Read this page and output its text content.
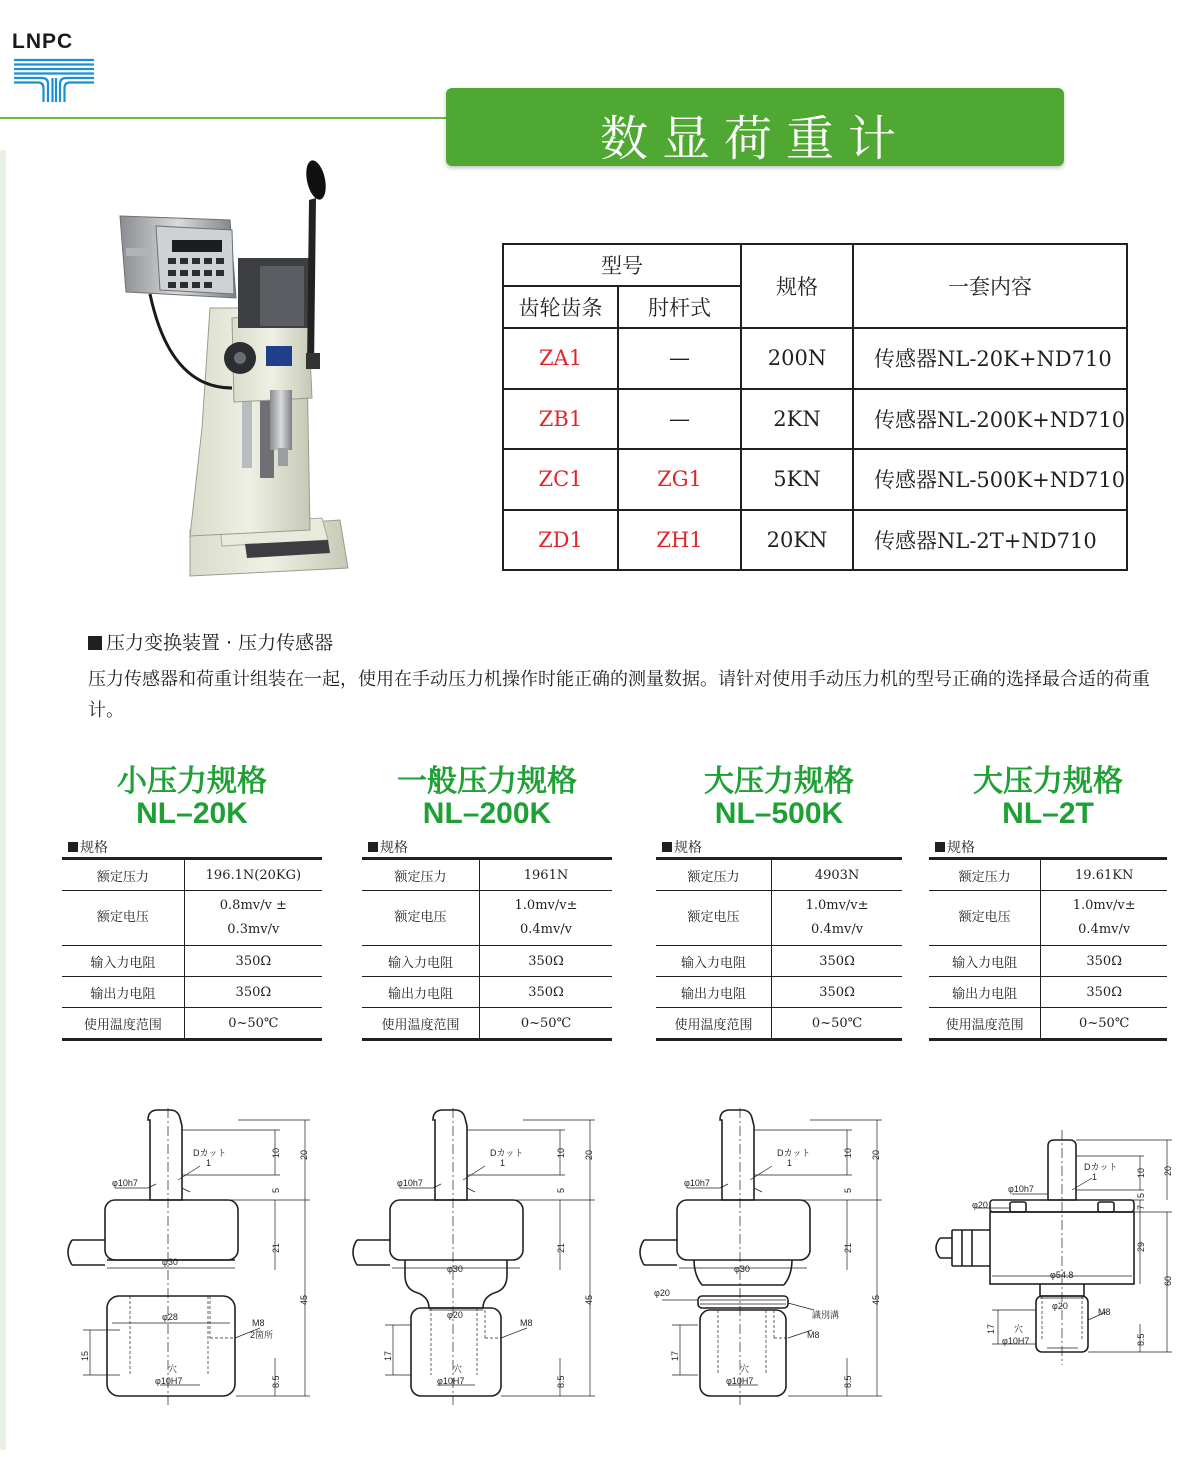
LNPC
数显荷重计
型号		规格	一套内容
齿轮齿条	肘杆式		
ZA1	—	200N	传感器NL-20K+ND710
ZB1	—	2KN	传感器NL-200K+ND710
ZC1	ZG1	5KN	传感器NL-500K+ND710
ZD1	ZH1	20KN	传感器NL-2T+ND710
压力变换装置 · 压力传感器
压力传感器和荷重计组装在一起，使用在手动压力机操作时能正确的测量数据。请针对使用手动压力机的型号正确的选择最合适的荷重计。
小压力规格
NL–20K
规格
额定压力	196.1N(20KG)
额定电压	0.8mv/v ±
0.3mv/v

输入力电阻	350Ω
输出力电阻	350Ω
使用温度范围	0~50℃
一般压力规格
NL–200K
规格
额定压力	1961N
额定电压	1.0mv/v±
0.4mv/v

输入力电阻	350Ω
输出力电阻	350Ω
使用温度范围	0~50℃
大压力规格
NL–500K
规格
额定压力	4903N
额定电压	1.0mv/v±
0.4mv/v

输入力电阻	350Ω
输出力电阻	350Ω
使用温度范围	0~50℃
大压力规格
NL–2T
规格
额定压力	19.61KN
额定电压	1.0mv/v±
0.4mv/v

输入力电阻	350Ω
输出力电阻	350Ω
使用温度范围	0~50℃
Dカット
1
φ10h7
φ30
φ28
M8
2箇所
穴
φ10H7
10 20
5
21
45
15
8.5
Dカット
1
φ10h7
φ30
φ20
M8
穴
φ10H7
10 20
5
21
45
17
8.5
Dカット
1
φ10h7
φ30
φ20
識別溝
M8
穴
φ10H7
10 20
5
21
45
17
8.5
Dカット
1
φ10h7
φ20
φ54.8
φ20
M8
穴
φ10H7
10 20
5
7
29
60
17
8.5
